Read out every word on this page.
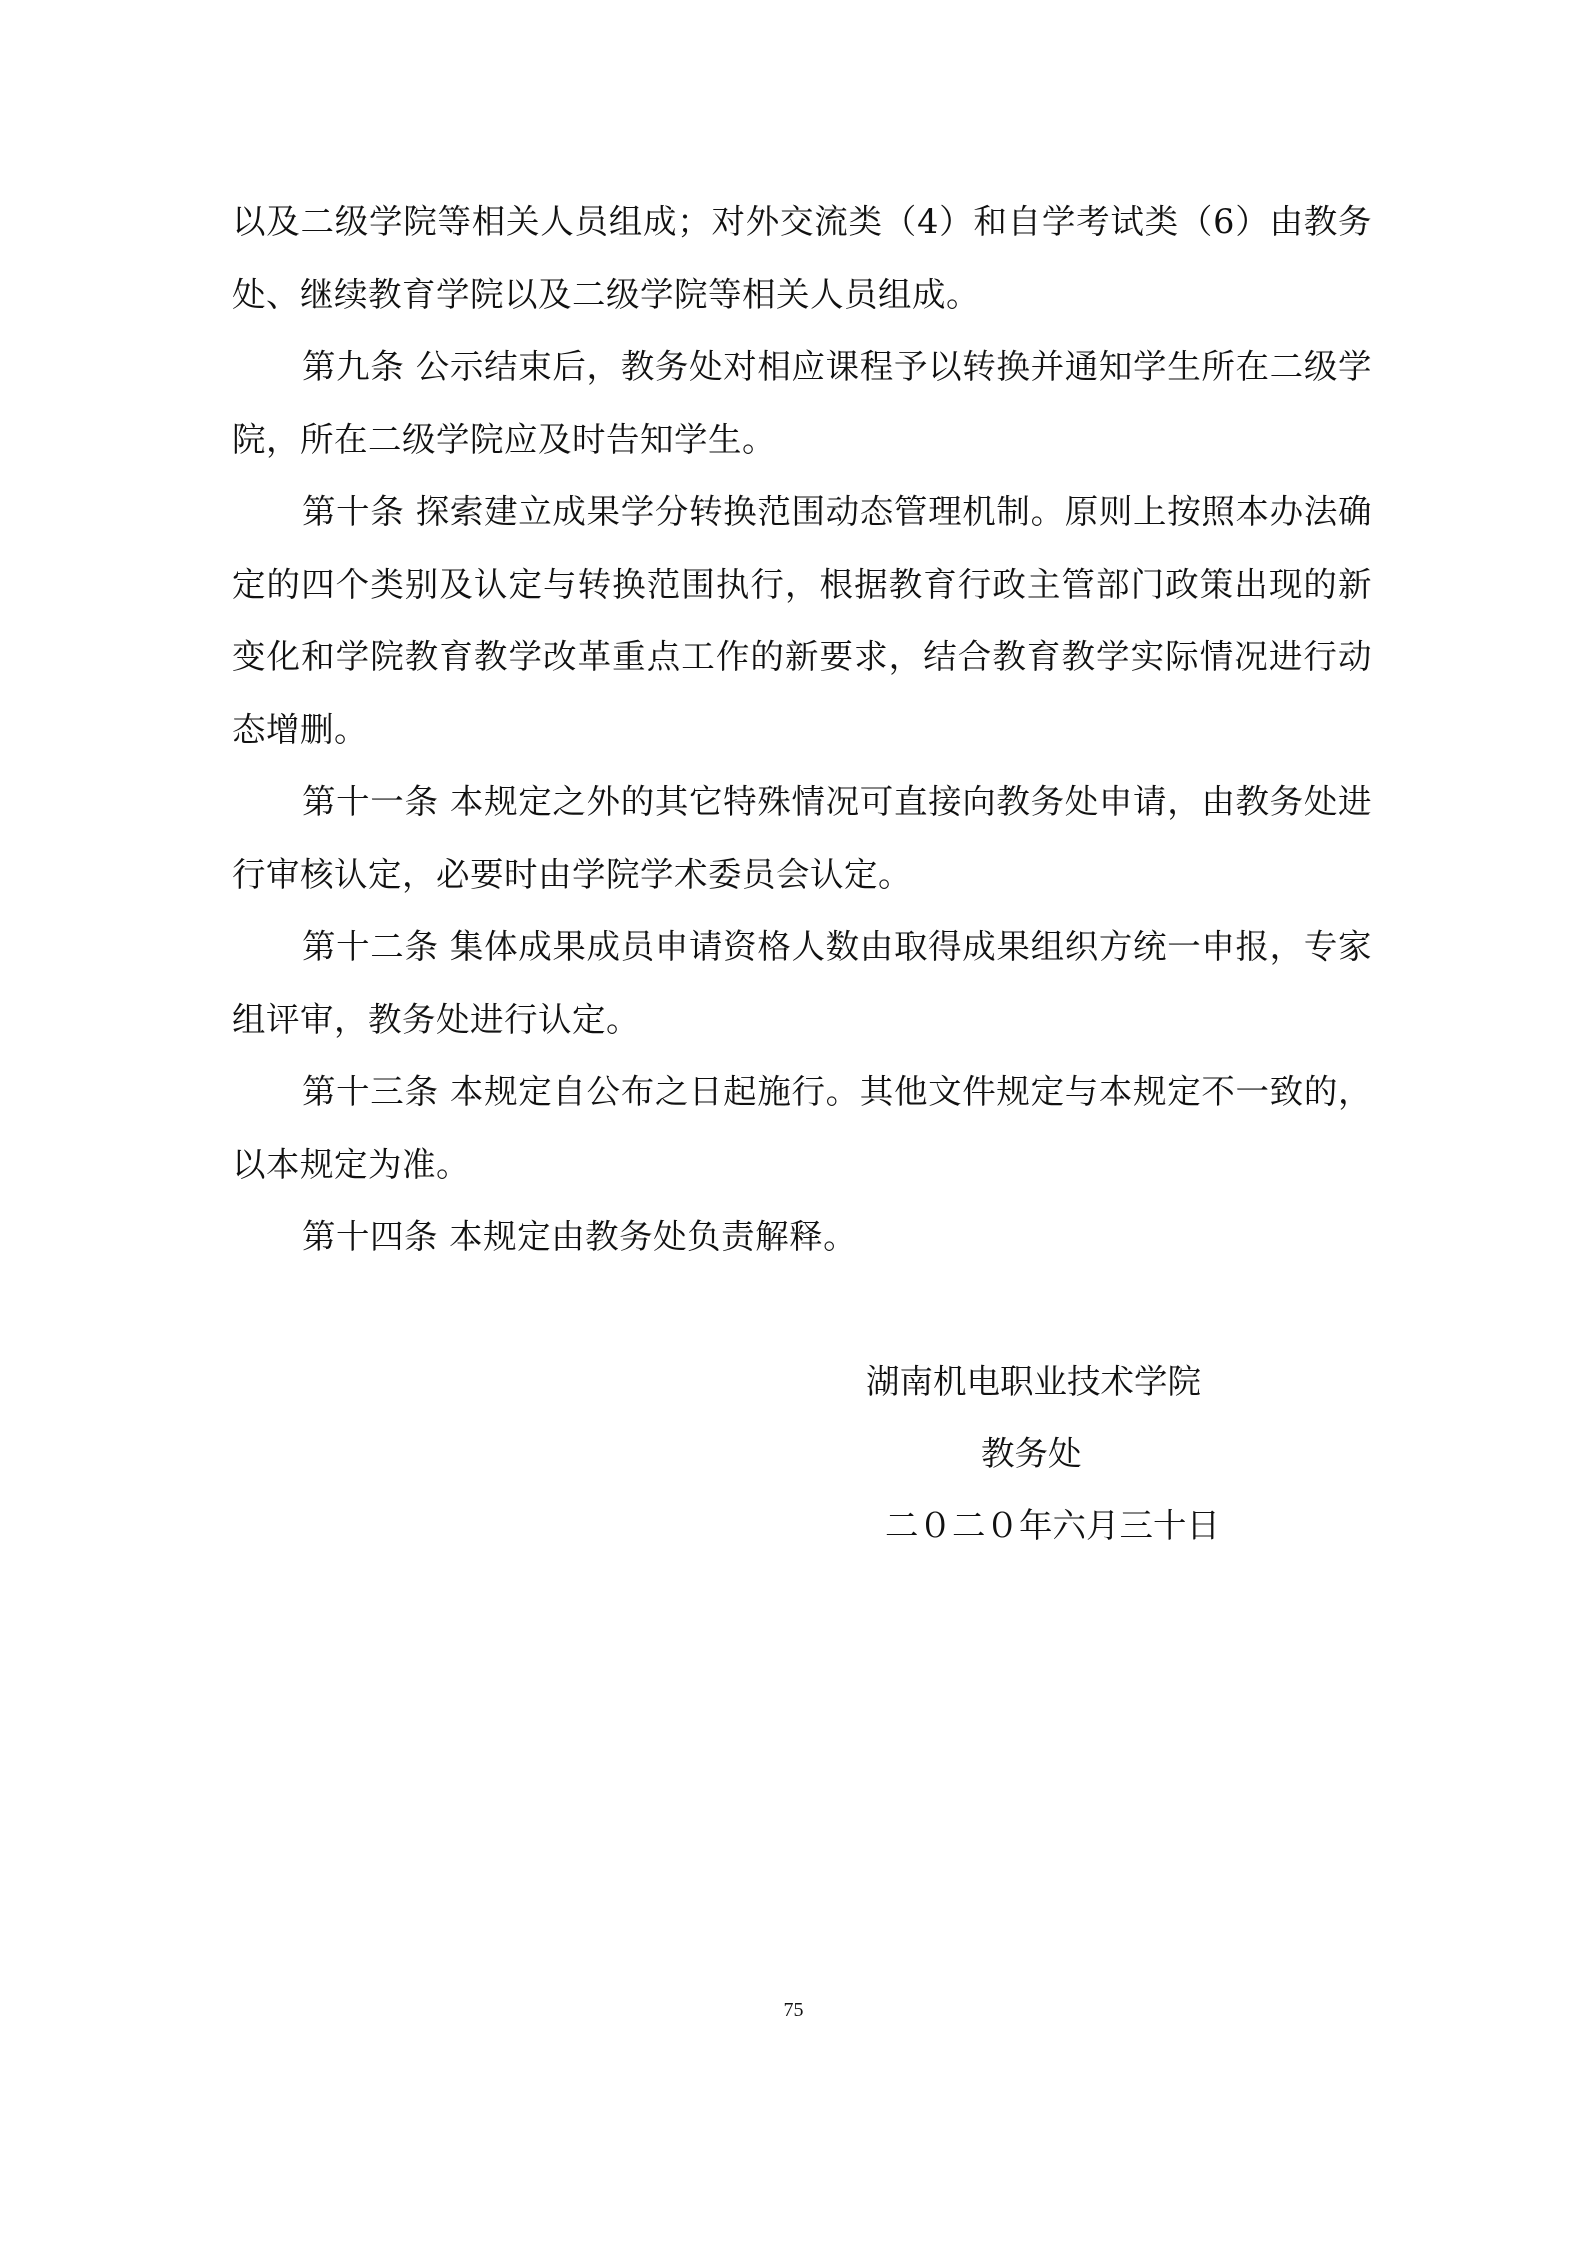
以及二级学院等相关人员组成；对外交流类（4）和自学考试类（6）由教务处、继续教育学院以及二级学院等相关人员组成。

第九条 公示结束后，教务处对相应课程予以转换并通知学生所在二级学院，所在二级学院应及时告知学生。

第十条 探索建立成果学分转换范围动态管理机制。原则上按照本办法确定的四个类别及认定与转换范围执行，根据教育行政主管部门政策出现的新变化和学院教育教学改革重点工作的新要求，结合教育教学实际情况进行动态增删。

第十一条 本规定之外的其它特殊情况可直接向教务处申请，由教务处进行审核认定，必要时由学院学术委员会认定。

第十二条 集体成果成员申请资格人数由取得成果组织方统一申报，专家组评审，教务处进行认定。

第十三条 本规定自公布之日起施行。其他文件规定与本规定不一致的，以本规定为准。

第十四条 本规定由教务处负责解释。

湖南机电职业技术学院
教务处
二０二０年六月三十日
75
